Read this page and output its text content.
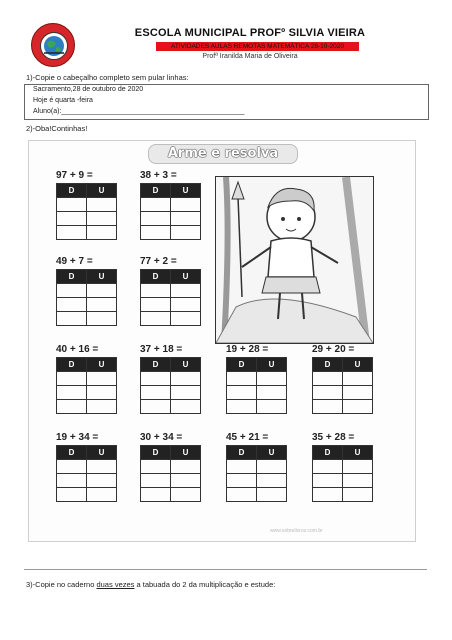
ESCOLA MUNICIPAL PROFº SILVIA VIEIRA
ATIVIDADES AULAS REMOTAS MATEMÁTICA 28-10-2020
Profª Iranilda Maria de Oliveira
1)-Copie o cabeçalho completo sem pular linhas:
Sacramento,28 de outubro de 2020
Hoje é quarta -feira
Aluno(a):_______________________________________________
2)-Oba!Continhas!
Arme e resolva
97 + 9 =
D	U

38 + 3 =
D	U

49 + 7 =
D	U

77 + 2 =
D	U

40 + 16 =
D	U

37 + 18 =
D	U

19 + 28 =
D	U

29 + 20 =
D	U

19 + 34 =
D	U

30 + 34 =
D	U

45 + 21 =
D	U

35 + 28 =
D	U

www.sobrelivros.com.br
3)-Copie no caderno duas vezes a tabuada do 2 da multiplicação e estude:
